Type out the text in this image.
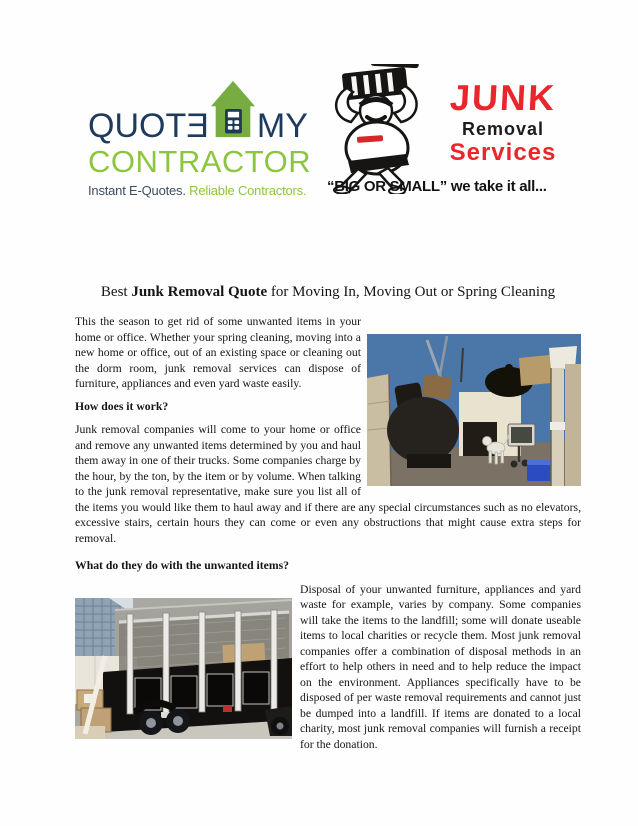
QUOT Ǝ MY
CONTRACTOR
Instant E-Quotes. Reliable Contractors.
JUNK
Removal
Services
“BIG OR SMALL” we take it all...
Best Junk Removal Quote for Moving In, Moving Out or Spring Cleaning

This the season to get rid of some unwanted items in your home or office. Whether your spring cleaning, moving into a new home or office, out of an existing space or cleaning out the dorm room, junk removal services can dispose of furniture, appliances and even yard waste easily.

How does it work?

Junk removal companies will come to your home or office and remove any unwanted items determined by you and haul them away in one of their trucks. Some companies charge by the hour, by the ton, by the item or by volume. When talking to the junk removal representative, make sure you list all of the items you would like them to haul away and if there are any special circumstances such as no elevators, excessive stairs, certain hours they can come or even any obstructions that might cause extra steps for removal.

What do they do with the unwanted items?

Disposal of your unwanted furniture, appliances and yard waste for example, varies by company. Some companies will take the items to the landfill; some will donate useable items to local charities or recycle them. Most junk removal companies offer a combination of disposal methods in an effort to help others in need and to help reduce the impact on the environment. Appliances specifically have to be disposed of per waste removal requirements and cannot just be dumped into a landfill. If items are donated to a local charity, most junk removal companies will furnish a receipt for the donation.
